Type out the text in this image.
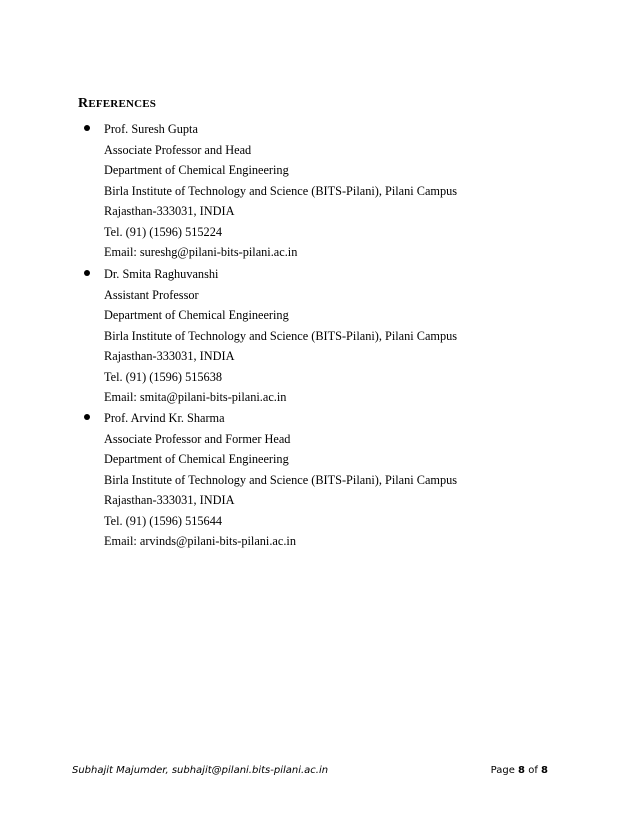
REFERENCES
Prof. Suresh Gupta
Associate Professor and Head
Department of Chemical Engineering
Birla Institute of Technology and Science (BITS-Pilani), Pilani Campus
Rajasthan-333031, INDIA
Tel. (91) (1596) 515224
Email: sureshg@pilani-bits-pilani.ac.in
Dr. Smita Raghuvanshi
Assistant Professor
Department of Chemical Engineering
Birla Institute of Technology and Science (BITS-Pilani), Pilani Campus
Rajasthan-333031, INDIA
Tel. (91) (1596) 515638
Email: smita@pilani-bits-pilani.ac.in
Prof. Arvind Kr. Sharma
Associate Professor and Former Head
Department of Chemical Engineering
Birla Institute of Technology and Science (BITS-Pilani), Pilani Campus
Rajasthan-333031, INDIA
Tel. (91) (1596) 515644
Email: arvinds@pilani-bits-pilani.ac.in
Subhajit Majumder, subhajit@pilani.bits-pilani.ac.in	Page 8 of 8
